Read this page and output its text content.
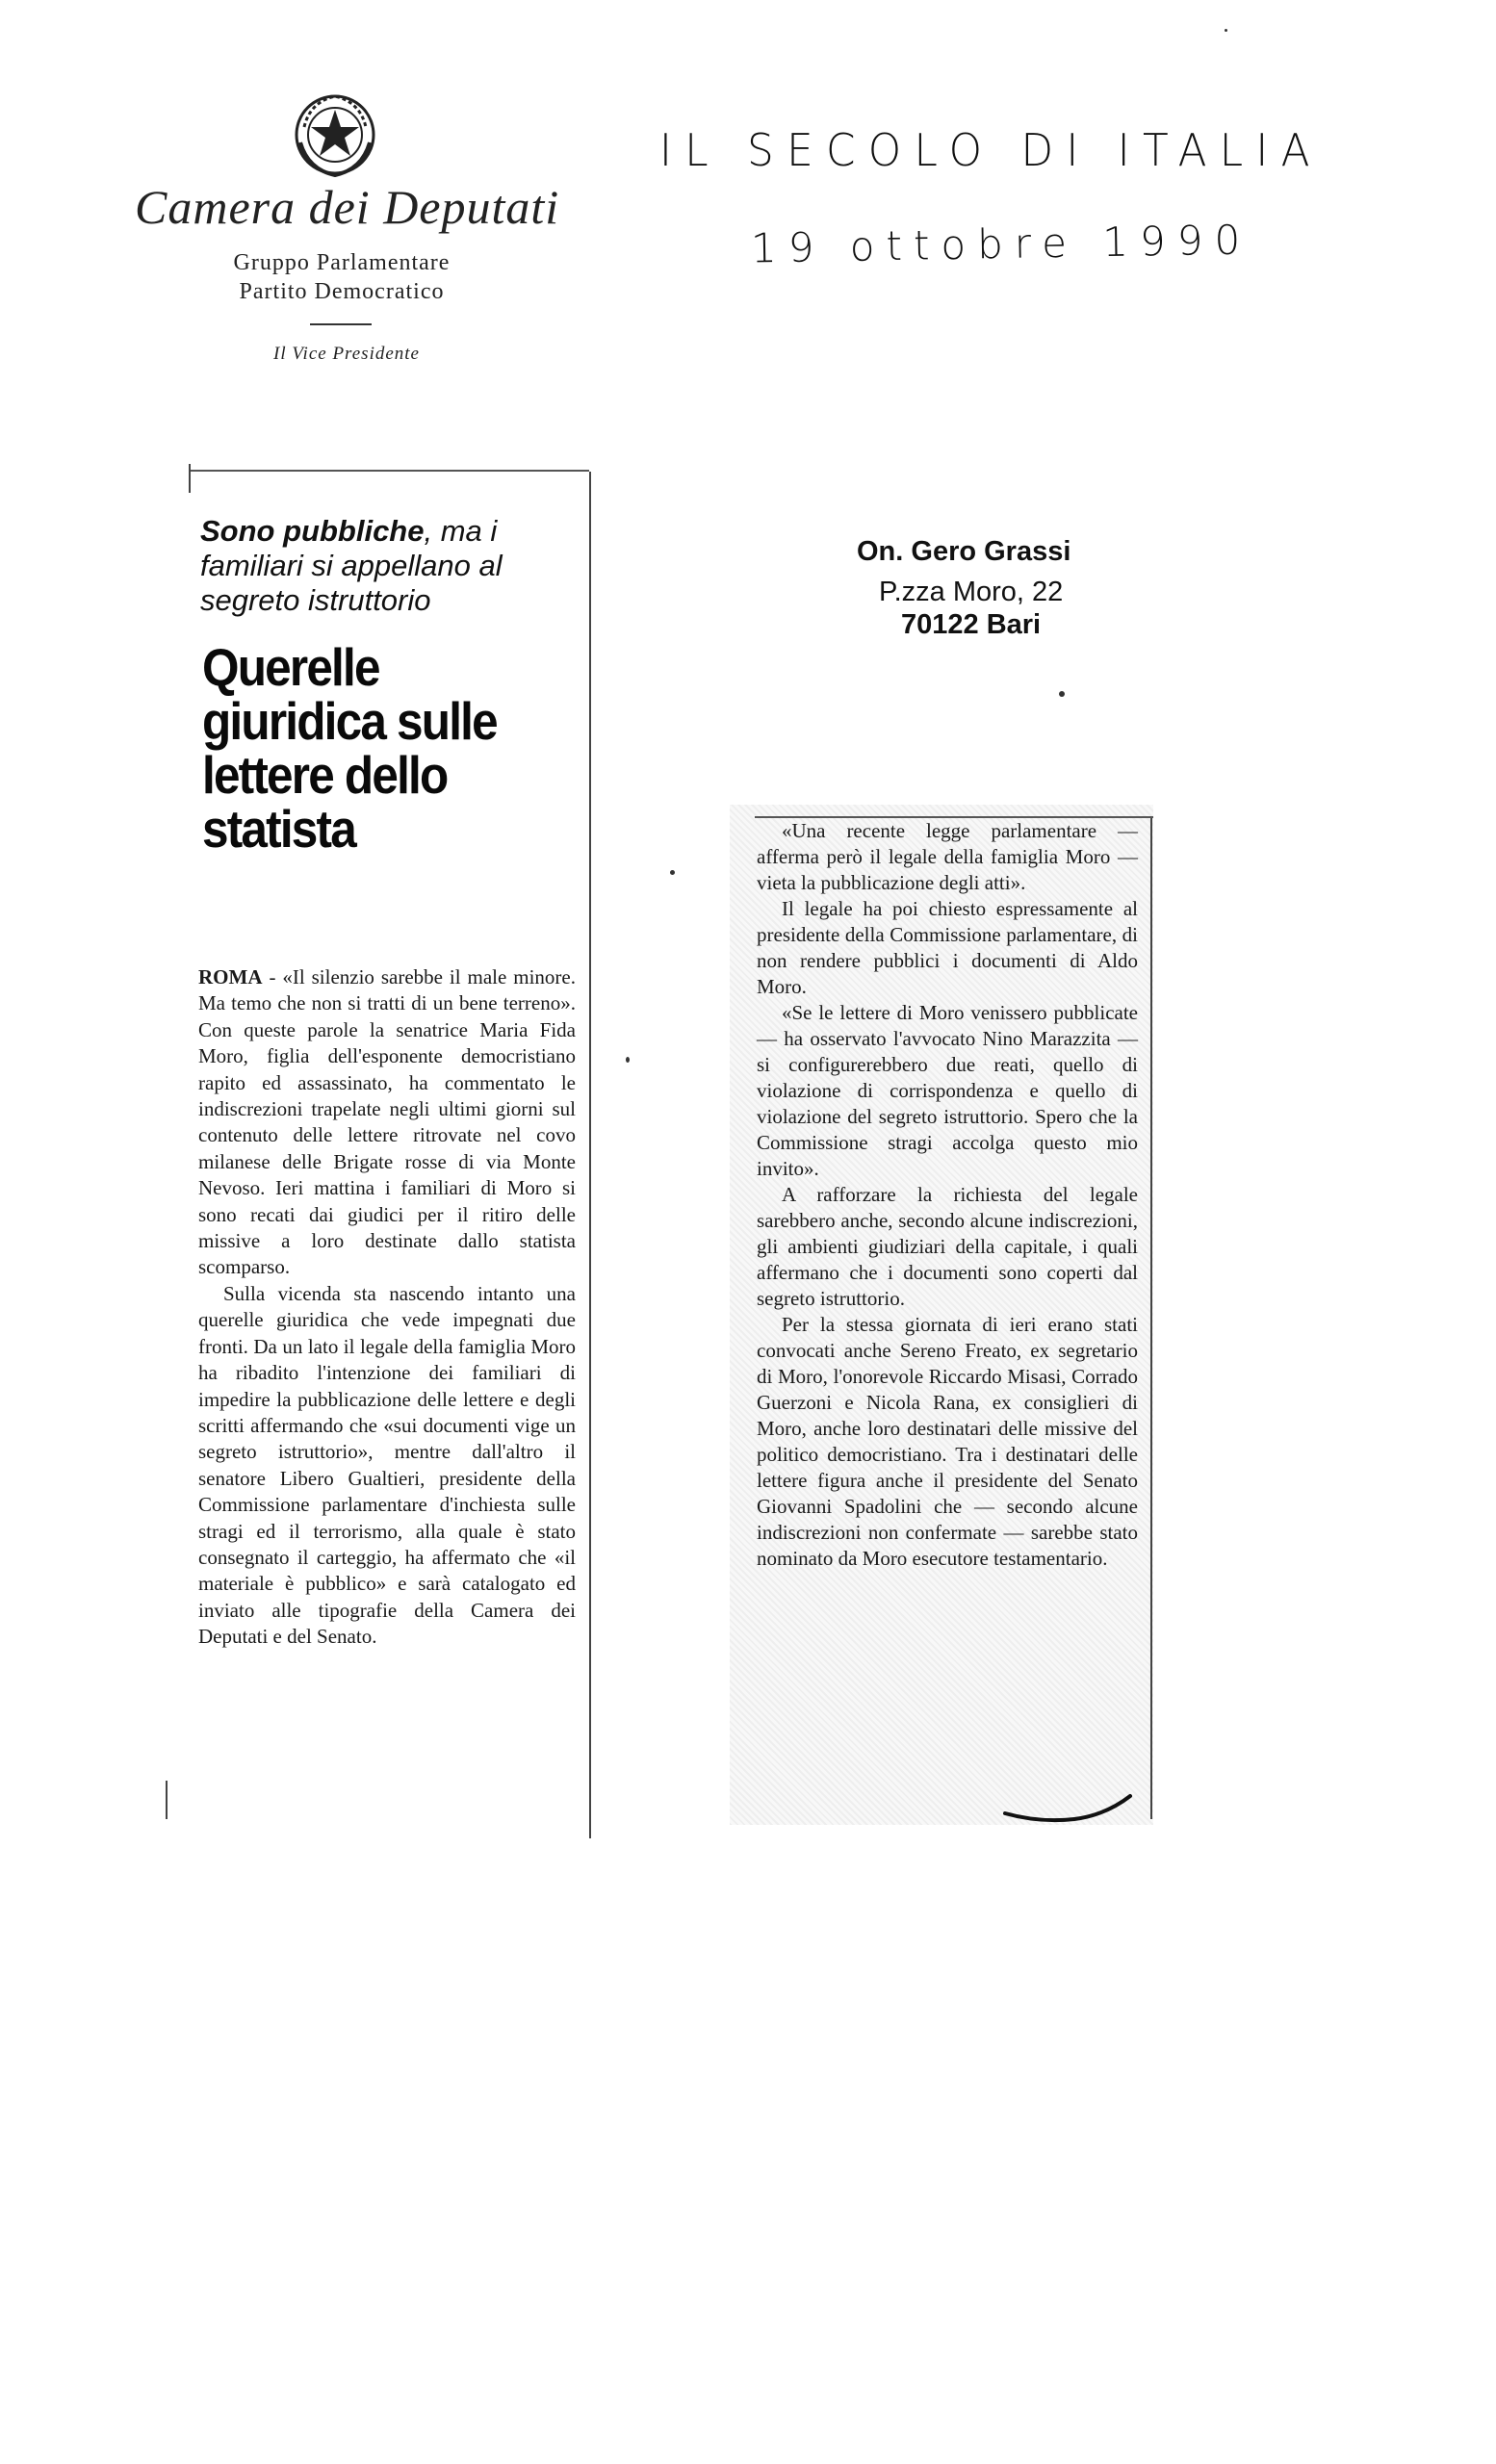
Camera dei Deputati
Gruppo Parlamentare
Partito Democratico
Il Vice Presidente
IL SECOLO DI ITALIA
19 ottobre 1990
On. Gero Grassi
P.zza Moro, 22
70122 Bari
Sono pubbliche, ma i familiari si appellano al segreto istruttorio
Querelle giuridica sulle lettere dello statista

ROMA - «Il silenzio sarebbe il male minore. Ma temo che non si tratti di un bene terreno». Con queste parole la senatrice Maria Fida Moro, figlia dell'esponente democristiano rapito ed assassinato, ha commentato le indiscrezioni trapelate negli ultimi giorni sul contenuto delle lettere ritrovate nel covo milanese delle Brigate rosse di via Monte Nevoso. Ieri mattina i familiari di Moro si sono recati dai giudici per il ritiro delle missive a loro destinate dallo statista scomparso.

Sulla vicenda sta nascendo intanto una querelle giuridica che vede impegnati due fronti. Da un lato il legale della famiglia Moro ha ribadito l'intenzione dei familiari di impedire la pubblicazione delle lettere e degli scritti affermando che «sui documenti vige un segreto istruttorio», mentre dall'altro il senatore Libero Gualtieri, presidente della Commissione parlamentare d'inchiesta sulle stragi ed il terrorismo, alla quale è stato consegnato il carteggio, ha affermato che «il materiale è pubblico» e sarà catalogato ed inviato alle tipografie della Camera dei Deputati e del Senato.

«Una recente legge parlamentare — afferma però il legale della famiglia Moro — vieta la pubblicazione degli atti».

Il legale ha poi chiesto espressamente al presidente della Commissione parlamentare, di non rendere pubblici i documenti di Aldo Moro.

«Se le lettere di Moro venissero pubblicate — ha osservato l'avvocato Nino Marazzita — si configurerebbero due reati, quello di violazione di corrispondenza e quello di violazione del segreto istruttorio. Spero che la Commissione stragi accolga questo mio invito».

A rafforzare la richiesta del legale sarebbero anche, secondo alcune indiscrezioni, gli ambienti giudiziari della capitale, i quali affermano che i documenti sono coperti dal segreto istruttorio.

Per la stessa giornata di ieri erano stati convocati anche Sereno Freato, ex segretario di Moro, l'onorevole Riccardo Misasi, Corrado Guerzoni e Nicola Rana, ex consiglieri di Moro, anche loro destinatari delle missive del politico democristiano. Tra i destinatari delle lettere figura anche il presidente del Senato Giovanni Spadolini che — secondo alcune indiscrezioni non confermate — sarebbe stato nominato da Moro esecutore testamentario.
